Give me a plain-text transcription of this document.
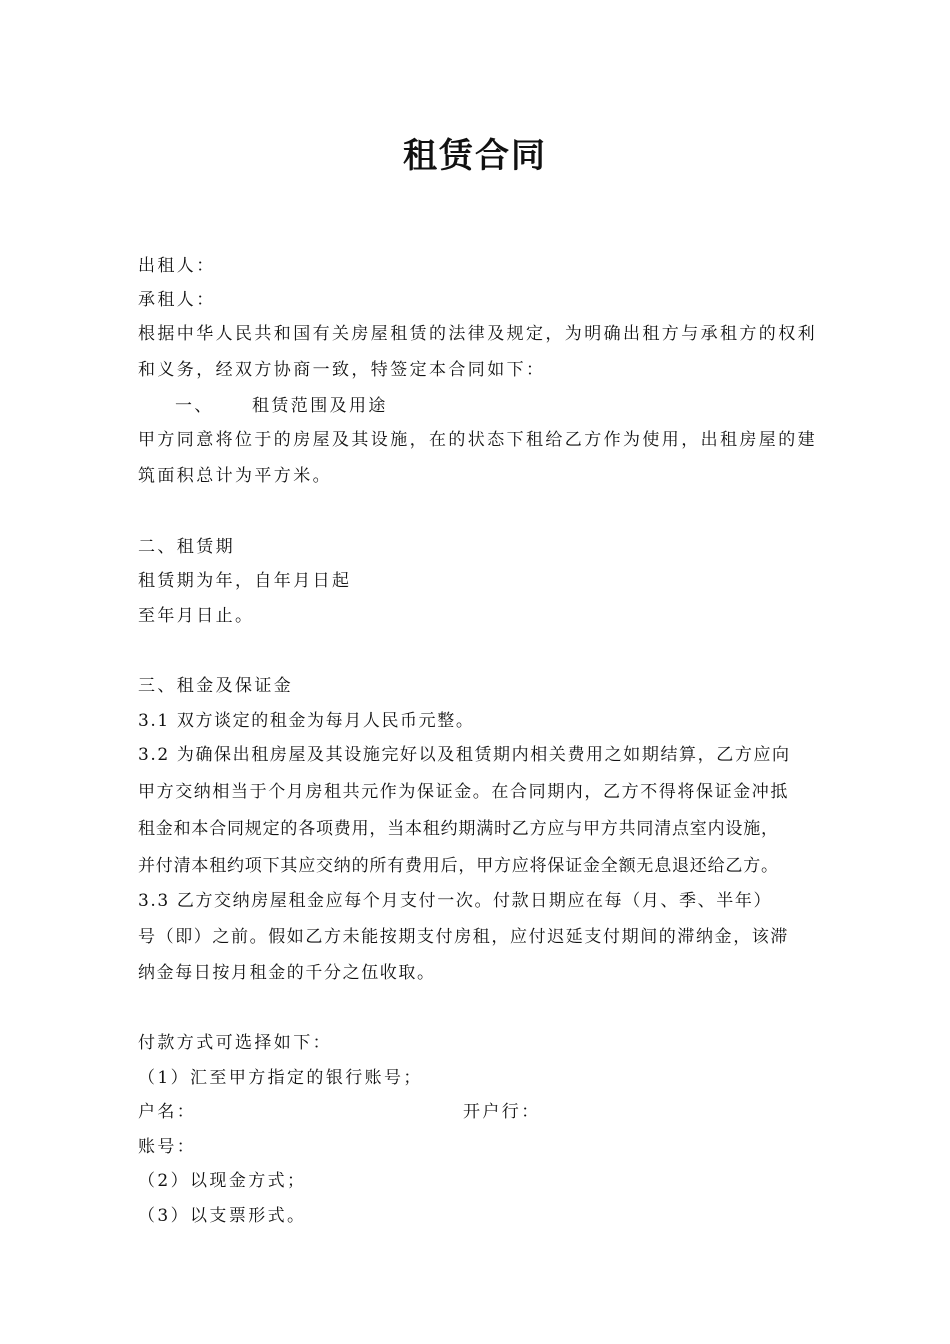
租赁合同
出租人：
承租人：
根据中华人民共和国有关房屋租赁的法律及规定，为明确出租方与承租方的权利
和义务，经双方协商一致，特签定本合同如下：
一、 租赁范围及用途
甲方同意将位于的房屋及其设施，在的状态下租给乙方作为使用，出租房屋的建
筑面积总计为平方米。
二、租赁期
租赁期为年，自年月日起
至年月日止。
三、租金及保证金
3.1 双方谈定的租金为每月人民币元整。
3.2 为确保出租房屋及其设施完好以及租赁期内相关费用之如期结算，乙方应向
甲方交纳相当于个月房租共元作为保证金。在合同期内，乙方不得将保证金冲抵
租金和本合同规定的各项费用，当本租约期满时乙方应与甲方共同清点室内设施，
并付清本租约项下其应交纳的所有费用后，甲方应将保证金全额无息退还给乙方。
3.3 乙方交纳房屋租金应每个月支付一次。付款日期应在每（月、季、半年）
号（即）之前。假如乙方未能按期支付房租，应付迟延支付期间的滞纳金，该滞
纳金每日按月租金的千分之伍收取。
付款方式可选择如下：
（1）汇至甲方指定的银行账号；
户名：	开户行：
账号：
（2）以现金方式；
（3）以支票形式。
